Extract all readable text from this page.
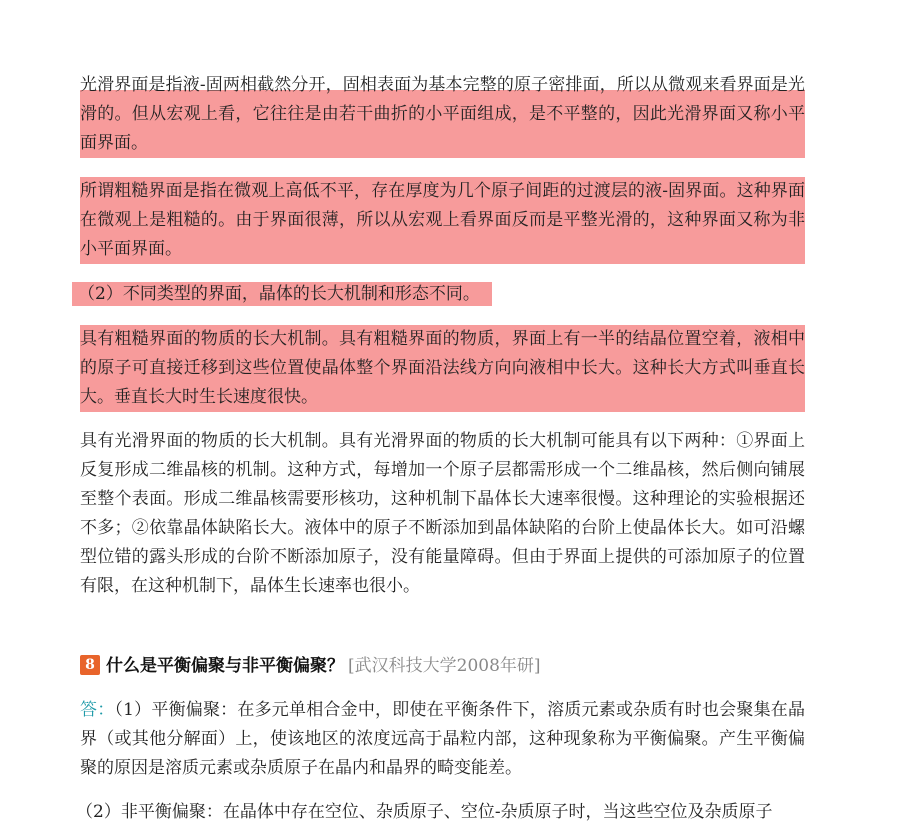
光滑界面是指液-固两相截然分开，固相表面为基本完整的原子密排面，所以从微观来看界面是光滑的。但从宏观上看，它往往是由若干曲折的小平面组成，是不平整的，因此光滑界面又称小平面界面。

所谓粗糙界面是指在微观上高低不平，存在厚度为几个原子间距的过渡层的液-固界面。这种界面在微观上是粗糙的。由于界面很薄，所以从宏观上看界面反而是平整光滑的，这种界面又称为非小平面界面。

（2）不同类型的界面，晶体的长大机制和形态不同。

具有粗糙界面的物质的长大机制。具有粗糙界面的物质，界面上有一半的结晶位置空着，液相中的原子可直接迁移到这些位置使晶体整个界面沿法线方向向液相中长大。这种长大方式叫垂直长大。垂直长大时生长速度很快。

具有光滑界面的物质的长大机制。具有光滑界面的物质的长大机制可能具有以下两种：①界面上反复形成二维晶核的机制。这种方式，每增加一个原子层都需形成一个二维晶核，然后侧向铺展至整个表面。形成二维晶核需要形核功，这种机制下晶体长大速率很慢。这种理论的实验根据还不多；②依靠晶体缺陷长大。液体中的原子不断添加到晶体缺陷的台阶上使晶体长大。如可沿螺型位错的露头形成的台阶不断添加原子，没有能量障碍。但由于界面上提供的可添加原子的位置有限，在这种机制下，晶体生长速率也很小。

8 什么是平衡偏聚与非平衡偏聚？ [武汉科技大学2008年研]

答：（1）平衡偏聚：在多元单相合金中，即使在平衡条件下，溶质元素或杂质有时也会聚集在晶界（或其他分解面）上，使该地区的浓度远高于晶粒内部，这种现象称为平衡偏聚。产生平衡偏聚的原因是溶质元素或杂质原子在晶内和晶界的畸变能差。

（2）非平衡偏聚：在晶体中存在空位、杂质原子、空位-杂质原子时，当这些空位及杂质原子
